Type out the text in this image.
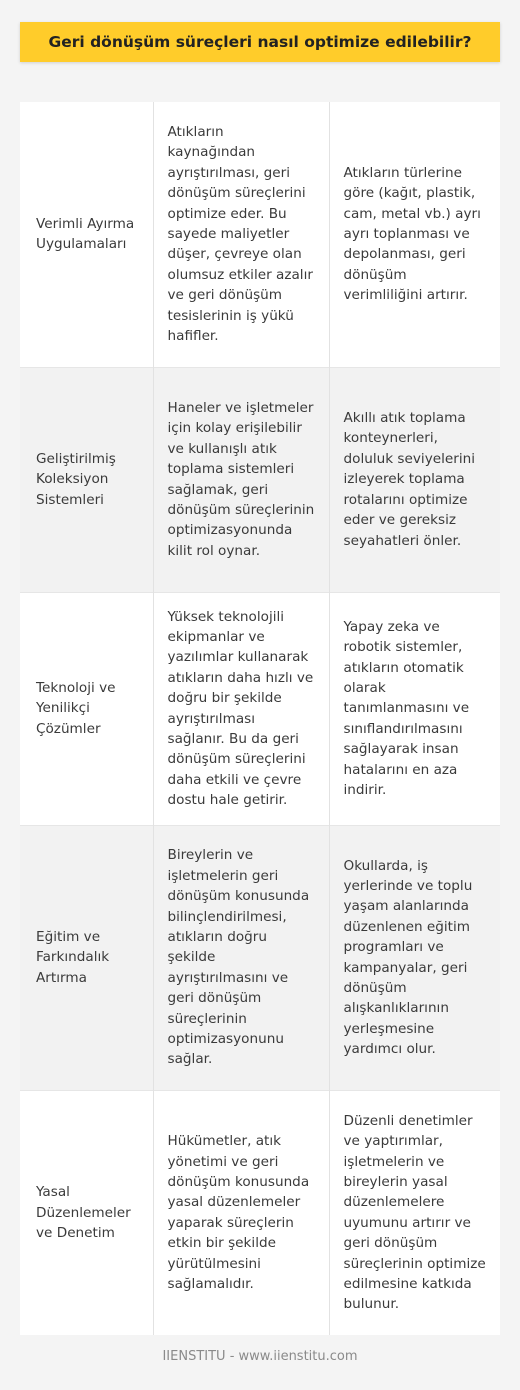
Geri dönüşüm süreçleri nasıl optimize edilebilir?
Verimli Ayırma Uygulamaları	Atıkların kaynağından ayrıştırılması, geri dönüşüm süreçlerini optimize eder. Bu sayede maliyetler düşer, çevreye olan olumsuz etkiler azalır ve geri dönüşüm tesislerinin iş yükü hafifler.	Atıkların türlerine göre (kağıt, plastik, cam, metal vb.) ayrı ayrı toplanması ve depolanması, geri dönüşüm verimliliğini artırır.
Geliştirilmiş Koleksiyon Sistemleri	Haneler ve işletmeler için kolay erişilebilir ve kullanışlı atık toplama sistemleri sağlamak, geri dönüşüm süreçlerinin optimizasyonunda kilit rol oynar.	Akıllı atık toplama konteynerleri, doluluk seviyelerini izleyerek toplama rotalarını optimize eder ve gereksiz seyahatleri önler.
Teknoloji ve Yenilikçi Çözümler	Yüksek teknolojili ekipmanlar ve yazılımlar kullanarak atıkların daha hızlı ve doğru bir şekilde ayrıştırılması sağlanır. Bu da geri dönüşüm süreçlerini daha etkili ve çevre dostu hale getirir.	Yapay zeka ve robotik sistemler, atıkların otomatik olarak tanımlanmasını ve sınıflandırılmasını sağlayarak insan hatalarını en aza indirir.
Eğitim ve Farkındalık Artırma	Bireylerin ve işletmelerin geri dönüşüm konusunda bilinçlendirilmesi, atıkların doğru şekilde ayrıştırılmasını ve geri dönüşüm süreçlerinin optimizasyonunu sağlar.	Okullarda, iş yerlerinde ve toplu yaşam alanlarında düzenlenen eğitim programları ve kampanyalar, geri dönüşüm alışkanlıklarının yerleşmesine yardımcı olur.
Yasal Düzenlemeler ve Denetim	Hükümetler, atık yönetimi ve geri dönüşüm konusunda yasal düzenlemeler yaparak süreçlerin etkin bir şekilde yürütülmesini sağlamalıdır.	Düzenli denetimler ve yaptırımlar, işletmelerin ve bireylerin yasal düzenlemelere uyumunu artırır ve geri dönüşüm süreçlerinin optimize edilmesine katkıda bulunur.
IIENSTITU - www.iienstitu.com
